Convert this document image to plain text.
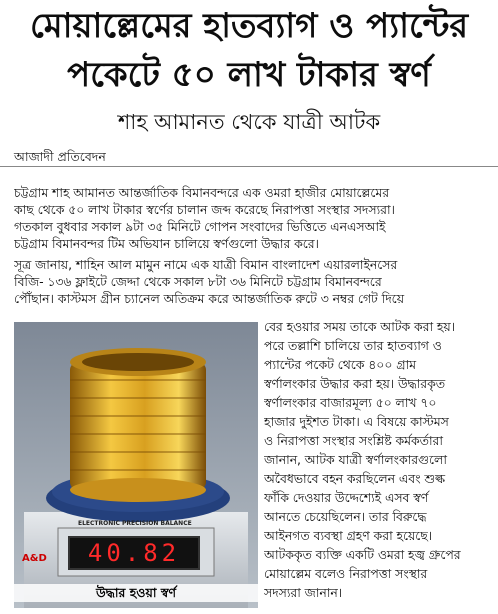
মোয়াল্লেমের হাতব্যাগ ও প্যান্টের
পকেটে ৫০ লাখ টাকার স্বর্ণ
শাহ আমানত থেকে যাত্রী আটক
আজাদী প্রতিবেদন
চট্টগ্রাম শাহ আমানত আন্তর্জাতিক বিমানবন্দরে এক ওমরা হাজীর মোয়াল্লেমের
কাছ থেকে ৫০ লাখ টাকার স্বর্ণের চালান জব্দ করেছে নিরাপত্তা সংস্থার সদস্যরা।
গতকাল বুধবার সকাল ৯টা ৩৫ মিনিটে গোপন সংবাদের ভিত্তিতে এনএসআই
চট্টগ্রাম বিমানবন্দর টিম অভিযান চালিয়ে স্বর্ণগুলো উদ্ধার করে।
সূত্র জানায়, শাহিন আল মামুন নামে এক যাত্রী বিমান বাংলাদেশ এয়ারলাইনসের
বিজি- ১৩৬ ফ্লাইটে জেদ্দা থেকে সকাল ৮টা ৩৬ মিনিটে চট্টগ্রাম বিমানবন্দরে
পৌঁছান। কাস্টমস গ্রীন চ্যানেল অতিক্রম করে আন্তর্জাতিক রুটে ৩ নম্বর গেট দিয়ে
বের হওয়ার সময় তাকে আটক করা হয়।
পরে তল্লাশি চালিয়ে তার হাতব্যাগ ও
প্যান্টের পকেট থেকে ৪০০ গ্রাম
স্বর্ণালংকার উদ্ধার করা হয়। উদ্ধারকৃত
স্বর্ণালংকার বাজারমূল্য ৫০ লাখ ৭০
হাজার দুইশত টাকা। এ বিষয়ে কাস্টমস
ও নিরাপত্তা সংস্থার সংশ্লিষ্ট কর্মকর্তারা
জানান, আটক যাত্রী স্বর্ণালংকারগুলো
অবৈধভাবে বহন করছিলেন এবং শুল্ক
ফাঁকি দেওয়ার উদ্দেশ্যেই এসব স্বর্ণ
আনতে চেয়েছিলেন। তার বিরুদ্ধে
আইনগত ব্যবস্থা গ্রহণ করা হয়েছে।
আটককৃত ব্যক্তি একটি ওমরা হজ্ব গ্রুপের
মোয়াল্লেম বলেও নিরাপত্তা সংস্থার
সদস্যরা জানান।
ELECTRONIC PRECISION BALANCE
40.82
A&D
উদ্ধার হওয়া স্বর্ণ
